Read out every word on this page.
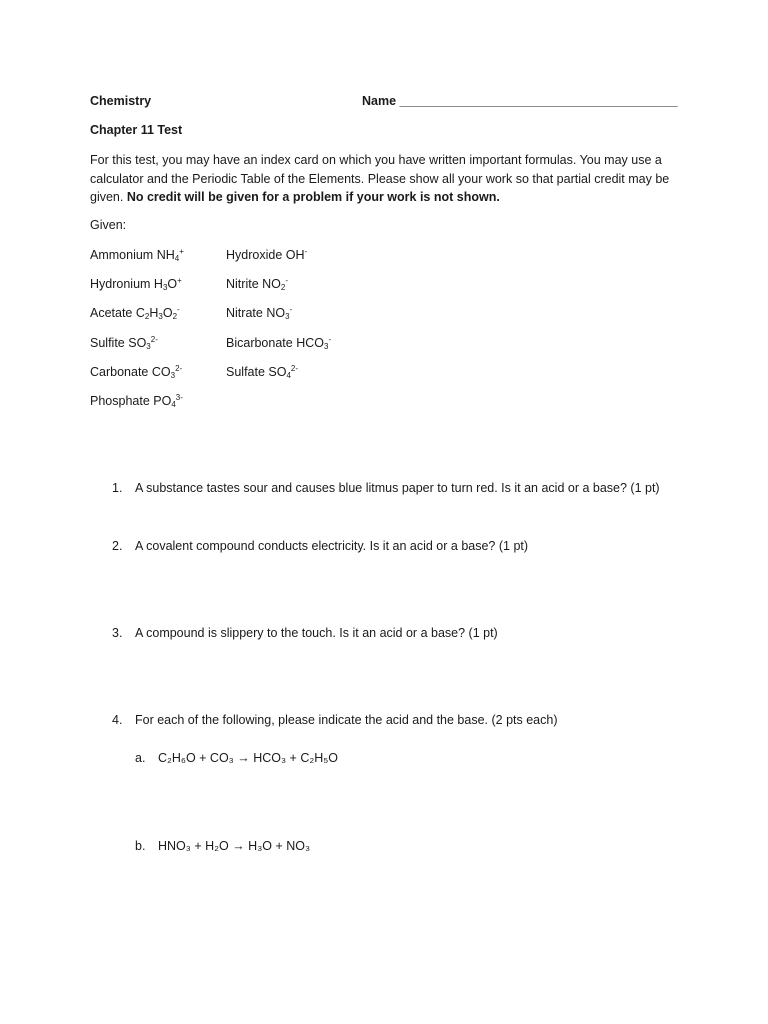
Chemistry	Name ________________________________________
Chapter 11 Test
For this test, you may have an index card on which you have written important formulas. You may use a calculator and the Periodic Table of the Elements. Please show all your work so that partial credit may be given. No credit will be given for a problem if your work is not shown.
Given:
Ammonium $NH_4^+$
Hydronium $H_3O^+$
Acetate $C_2H_3O_2^-$
Sulfite $SO_3^{2-}$
Carbonate $CO_3^{2-}$
Phosphate $PO_4^{3-}$
Hydroxide OH-
Nitrite $NO_2^-$
Nitrate $NO_3^-$
Bicarbonate $HCO_3^-$
Sulfate $SO_4^{2-}$
1. A substance tastes sour and causes blue litmus paper to turn red. Is it an acid or a base? (1 pt)
2. A covalent compound conducts electricity. Is it an acid or a base? (1 pt)
3. A compound is slippery to the touch. Is it an acid or a base? (1 pt)
4. For each of the following, please indicate the acid and the base. (2 pts each)
a. C₂H₆O + CO₃ → HCO₃ + C₂H₅O
b. HNO₃ + H₂O → H₃O + NO₃
